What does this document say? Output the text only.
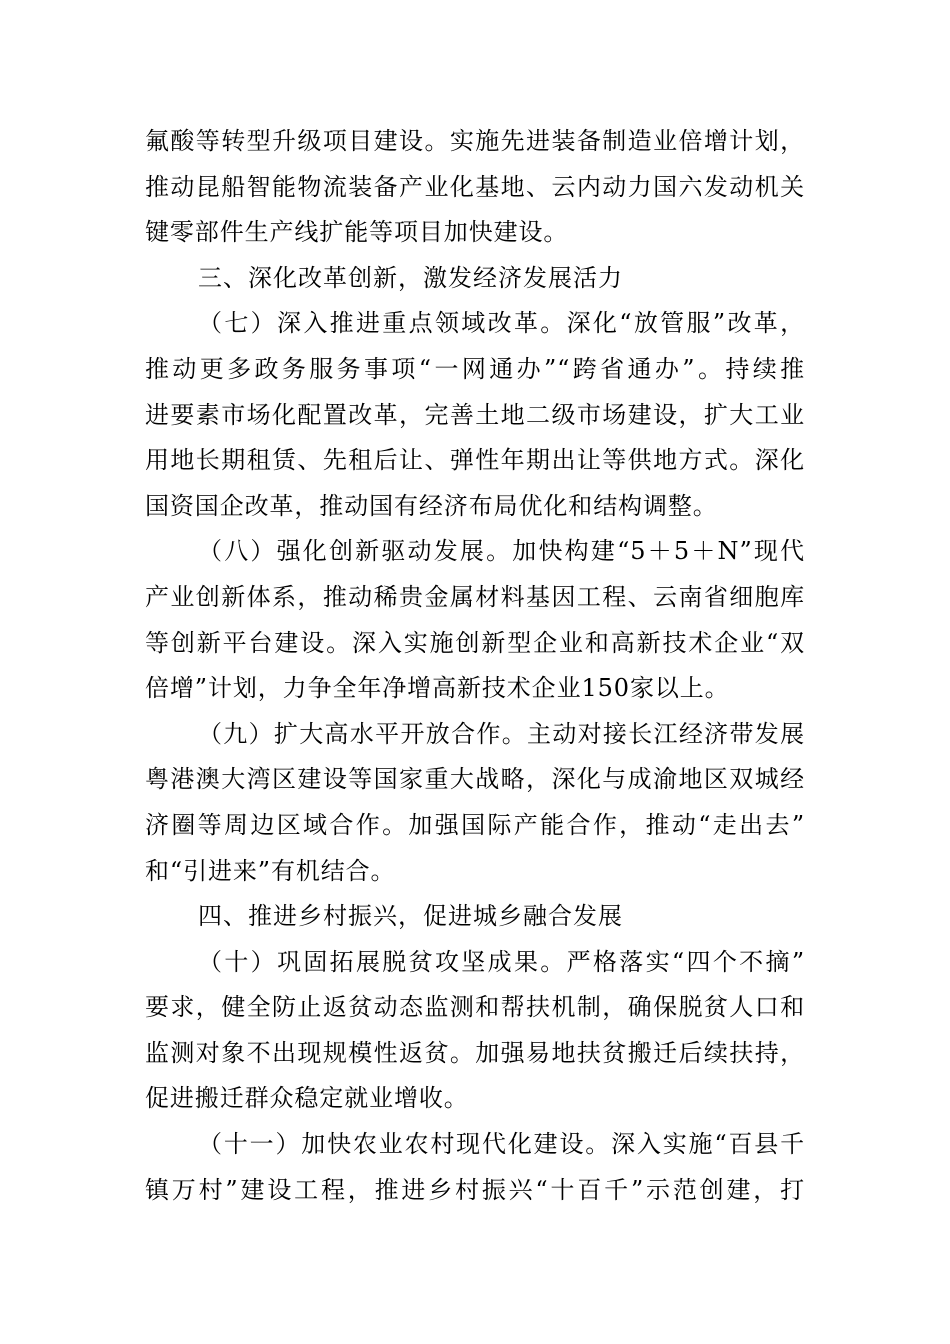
氟酸等转型升级项目建设。实施先进装备制造业倍增计划，
推动昆船智能物流装备产业化基地、云内动力国六发动机关
键零部件生产线扩能等项目加快建设。
三、深化改革创新，激发经济发展活力
（七）深入推进重点领域改革。深化“放管服”改革，
推动更多政务服务事项“一网通办”“跨省通办”。持续推
进要素市场化配置改革，完善土地二级市场建设，扩大工业
用地长期租赁、先租后让、弹性年期出让等供地方式。深化
国资国企改革，推动国有经济布局优化和结构调整。
（八）强化创新驱动发展。加快构建“5＋5＋N”现代
产业创新体系，推动稀贵金属材料基因工程、云南省细胞库
等创新平台建设。深入实施创新型企业和高新技术企业“双
倍增”计划，力争全年净增高新技术企业150家以上。
（九）扩大高水平开放合作。主动对接长江经济带发展
粤港澳大湾区建设等国家重大战略，深化与成渝地区双城经
济圈等周边区域合作。加强国际产能合作，推动“走出去”
和“引进来”有机结合。
四、推进乡村振兴，促进城乡融合发展
（十）巩固拓展脱贫攻坚成果。严格落实“四个不摘”
要求，健全防止返贫动态监测和帮扶机制，确保脱贫人口和
监测对象不出现规模性返贫。加强易地扶贫搬迁后续扶持，
促进搬迁群众稳定就业增收。
（十一）加快农业农村现代化建设。深入实施“百县千
镇万村”建设工程，推进乡村振兴“十百千”示范创建，打
